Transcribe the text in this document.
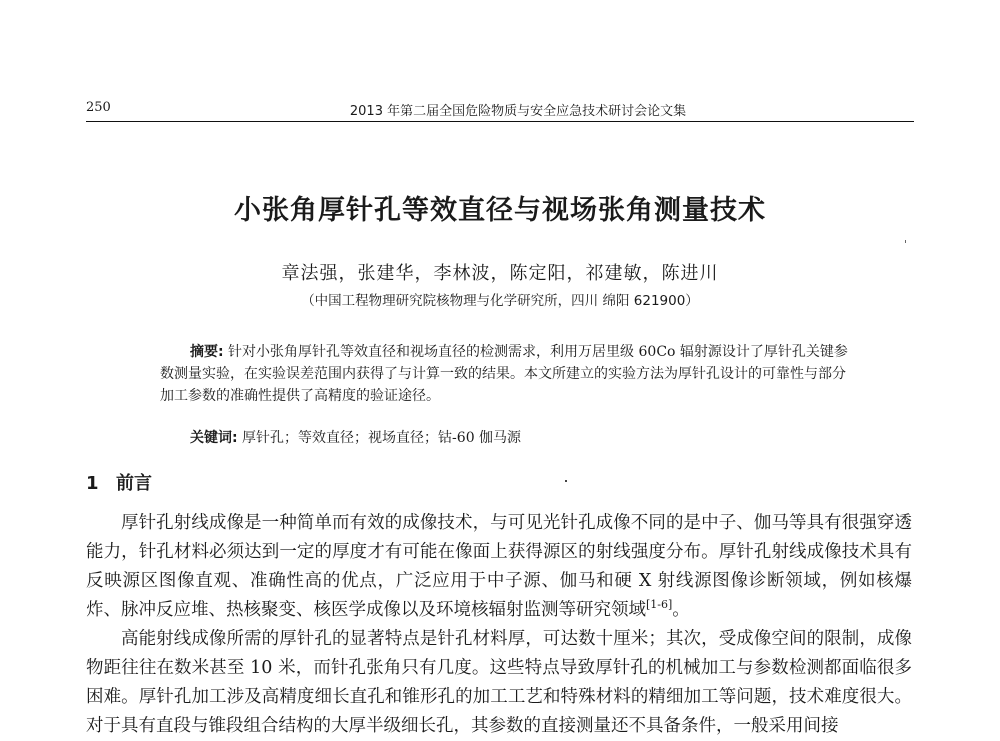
250	2013 年第二届全国危险物质与安全应急技术研讨会论文集
小张角厚针孔等效直径与视场张角测量技术
章法强，张建华，李林波，陈定阳，祁建敏，陈进川
（中国工程物理研究院核物理与化学研究所，四川 绵阳 621900）

摘要: 针对小张角厚针孔等效直径和视场直径的检测需求，利用万居里级 60Co 辐射源设计了厚针孔关键参数测量实验，在实验误差范围内获得了与计算一致的结果。本文所建立的实验方法为厚针孔设计的可靠性与部分加工参数的准确性提供了高精度的验证途径。

关键词: 厚针孔；等效直径；视场直径；钴-60 伽马源
1 前言

厚针孔射线成像是一种简单而有效的成像技术，与可见光针孔成像不同的是中子、伽马等具有很强穿透能力，针孔材料必须达到一定的厚度才有可能在像面上获得源区的射线强度分布。厚针孔射线成像技术具有反映源区图像直观、准确性高的优点，广泛应用于中子源、伽马和硬 X 射线源图像诊断领域，例如核爆炸、脉冲反应堆、热核聚变、核医学成像以及环境核辐射监测等研究领域[1-6]。

高能射线成像所需的厚针孔的显著特点是针孔材料厚，可达数十厘米；其次，受成像空间的限制，成像物距往往在数米甚至 10 米，而针孔张角只有几度。这些特点导致厚针孔的机械加工与参数检测都面临很多困难。厚针孔加工涉及高精度细长直孔和锥形孔的加工工艺和特殊材料的精细加工等问题，技术难度很大。对于具有直段与锥段组合结构的大厚半级细长孔，其参数的直接测量还不具备条件，一般采用间接
